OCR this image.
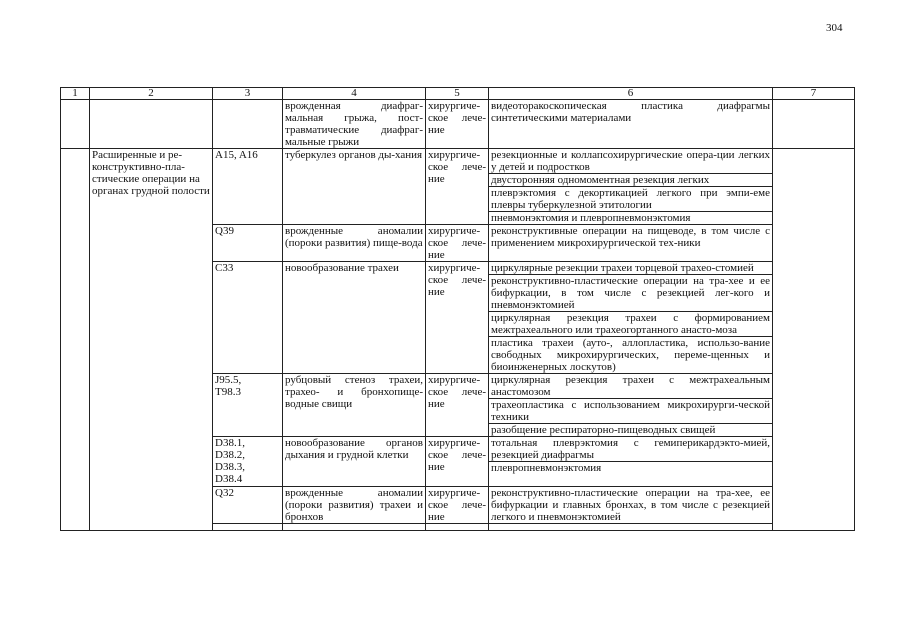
304
1	2	3	4	5	6	7
			врожденная диафраг-мальная грыжа, пост-травматические диафраг-мальные грыжи	хирургиче-ское лече-ние	видеоторакоскопическая пластика диафрагмы синтетическими материалами	
	Расширенные и ре-конструктивно-пла-стические операции на органах грудной полости	A15, A16	туберкулез органов ды-хания	хирургиче-ское лече-ние	резекционные и коллапсохирургические опера-ции легких у детей и подростков	
					двусторонняя одномоментная резекция легких	
					плеврэктомия с декортикацией легкого при эмпи-еме плевры туберкулезной этитологии	
					пневмонэктомия и плевропневмонэктомия	
		Q39	врожденные аномалии (пороки развития) пище-вода	хирургиче-ское лече-ние	реконструктивные операции на пищеводе, в том числе с применением микрохирургической тех-ники	
		C33	новообразование трахеи	хирургиче-ское лече-ние	циркулярные резекции трахеи торцевой трахео-стомией	
					реконструктивно-пластические операции на тра-хее и ее бифуркации, в том числе с резекцией лег-кого и пневмонэктомией	
					циркулярная резекция трахеи с формированием межтрахеального или трахеогортанного анасто-моза	
					пластика трахеи (ауто-, аллопластика, использо-вание свободных микрохирургических, переме-щенных и биоинженерных лоскутов)	
		J95.5,
T98.3	рубцовый стеноз трахеи, трахео- и бронхопище-водные свищи	хирургиче-ское лече-ние	циркулярная резекция трахеи с межтрахеальным анастомозом	
					трахеопластика с использованием микрохирурги-ческой техники	
					разобщение респираторно-пищеводных свищей	
		D38.1,
D38.2,
D38.3,
D38.4	новообразование органов дыхания и грудной клетки	хирургиче-ское лече-ние	тотальная плеврэктомия с гемиперикардэкто-мией, резекцией диафрагмы	
					плевропневмонэктомия	
		Q32	врожденные аномалии (пороки развития) трахеи и бронхов	хирургиче-ское лече-ние	реконструктивно-пластические операции на тра-хее, ее бифуркации и главных бронхах, в том числе с резекцией легкого и пневмонэктомией	
